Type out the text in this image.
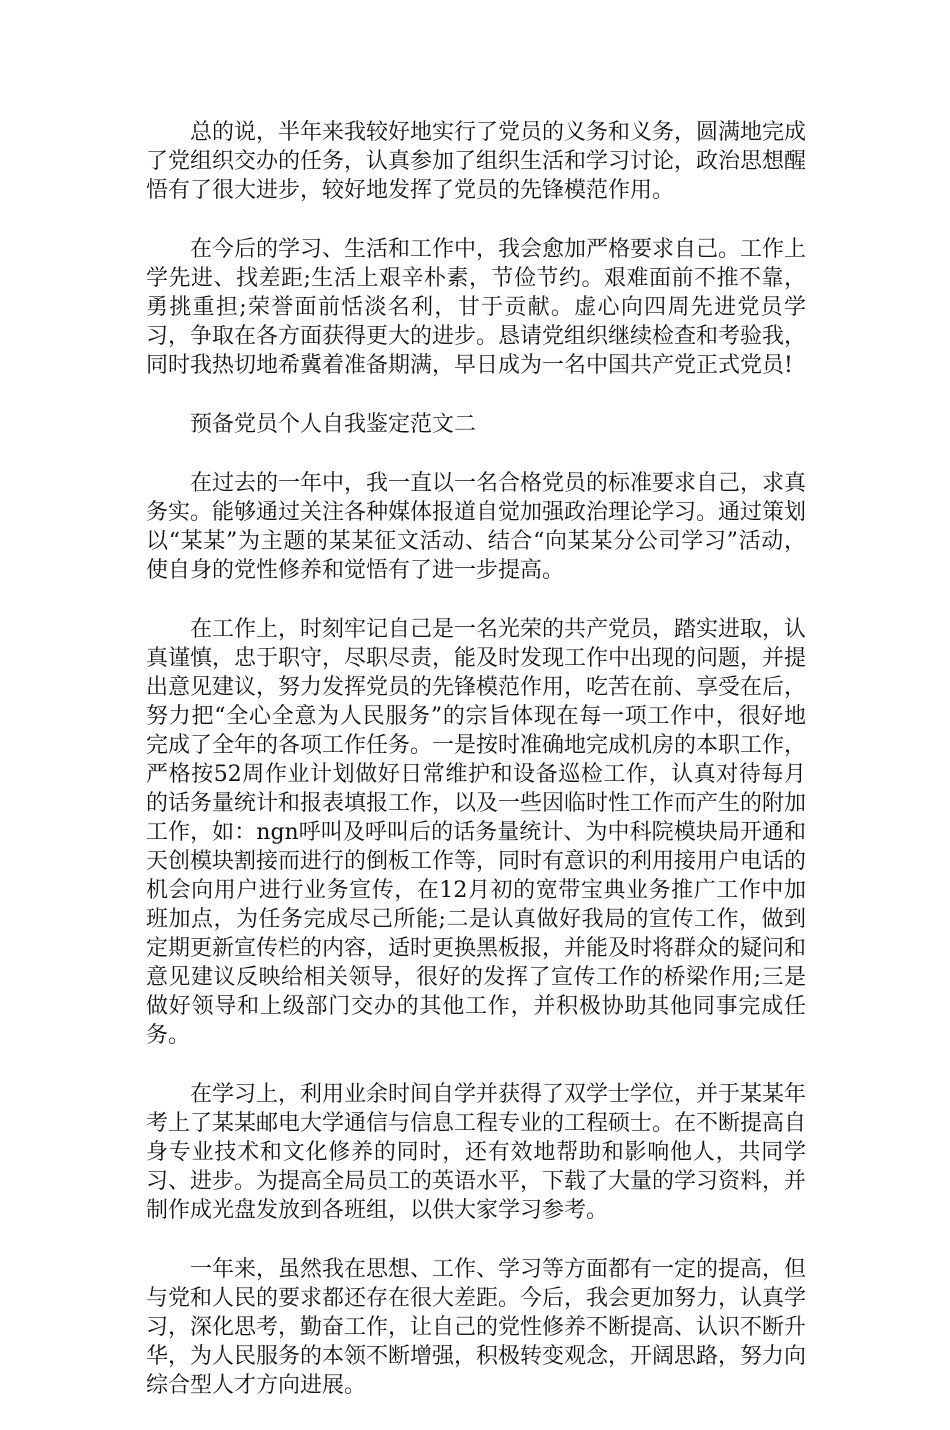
总的说，半年来我较好地实行了党员的义务和义务，圆满地完成了党组织交办的任务，认真参加了组织生活和学习讨论，政治思想醒悟有了很大进步，较好地发挥了党员的先锋模范作用。

在今后的学习、生活和工作中，我会愈加严格要求自己。工作上学先进、找差距;生活上艰辛朴素，节俭节约。艰难面前不推不靠，勇挑重担;荣誉面前恬淡名利，甘于贡献。虚心向四周先进党员学习，争取在各方面获得更大的进步。恳请党组织继续检查和考验我，同时我热切地希冀着准备期满，早日成为一名中国共产党正式党员!

预备党员个人自我鉴定范文二

在过去的一年中，我一直以一名合格党员的标准要求自己，求真务实。能够通过关注各种媒体报道自觉加强政治理论学习。通过策划以“某某”为主题的某某征文活动、结合“向某某分公司学习”活动，使自身的党性修养和觉悟有了进一步提高。

在工作上，时刻牢记自己是一名光荣的共产党员，踏实进取，认真谨慎，忠于职守，尽职尽责，能及时发现工作中出现的问题，并提出意见建议，努力发挥党员的先锋模范作用，吃苦在前、享受在后，努力把“全心全意为人民服务”的宗旨体现在每一项工作中，很好地完成了全年的各项工作任务。一是按时准确地完成机房的本职工作，严格按52周作业计划做好日常维护和设备巡检工作，认真对待每月的话务量统计和报表填报工作，以及一些因临时性工作而产生的附加工作，如：ngn呼叫及呼叫后的话务量统计、为中科院模块局开通和天创模块割接而进行的倒板工作等，同时有意识的利用接用户电话的机会向用户进行业务宣传，在12月初的宽带宝典业务推广工作中加班加点，为任务完成尽己所能;二是认真做好我局的宣传工作，做到定期更新宣传栏的内容，适时更换黑板报，并能及时将群众的疑问和意见建议反映给相关领导，很好的发挥了宣传工作的桥梁作用;三是做好领导和上级部门交办的其他工作，并积极协助其他同事完成任务。

在学习上，利用业余时间自学并获得了双学士学位，并于某某年考上了某某邮电大学通信与信息工程专业的工程硕士。在不断提高自身专业技术和文化修养的同时，还有效地帮助和影响他人，共同学习、进步。为提高全局员工的英语水平，下载了大量的学习资料，并制作成光盘发放到各班组，以供大家学习参考。

一年来，虽然我在思想、工作、学习等方面都有一定的提高，但与党和人民的要求都还存在很大差距。今后，我会更加努力，认真学习，深化思考，勤奋工作，让自己的党性修养不断提高、认识不断升华，为人民服务的本领不断增强，积极转变观念，开阔思路，努力向综合型人才方向进展。
